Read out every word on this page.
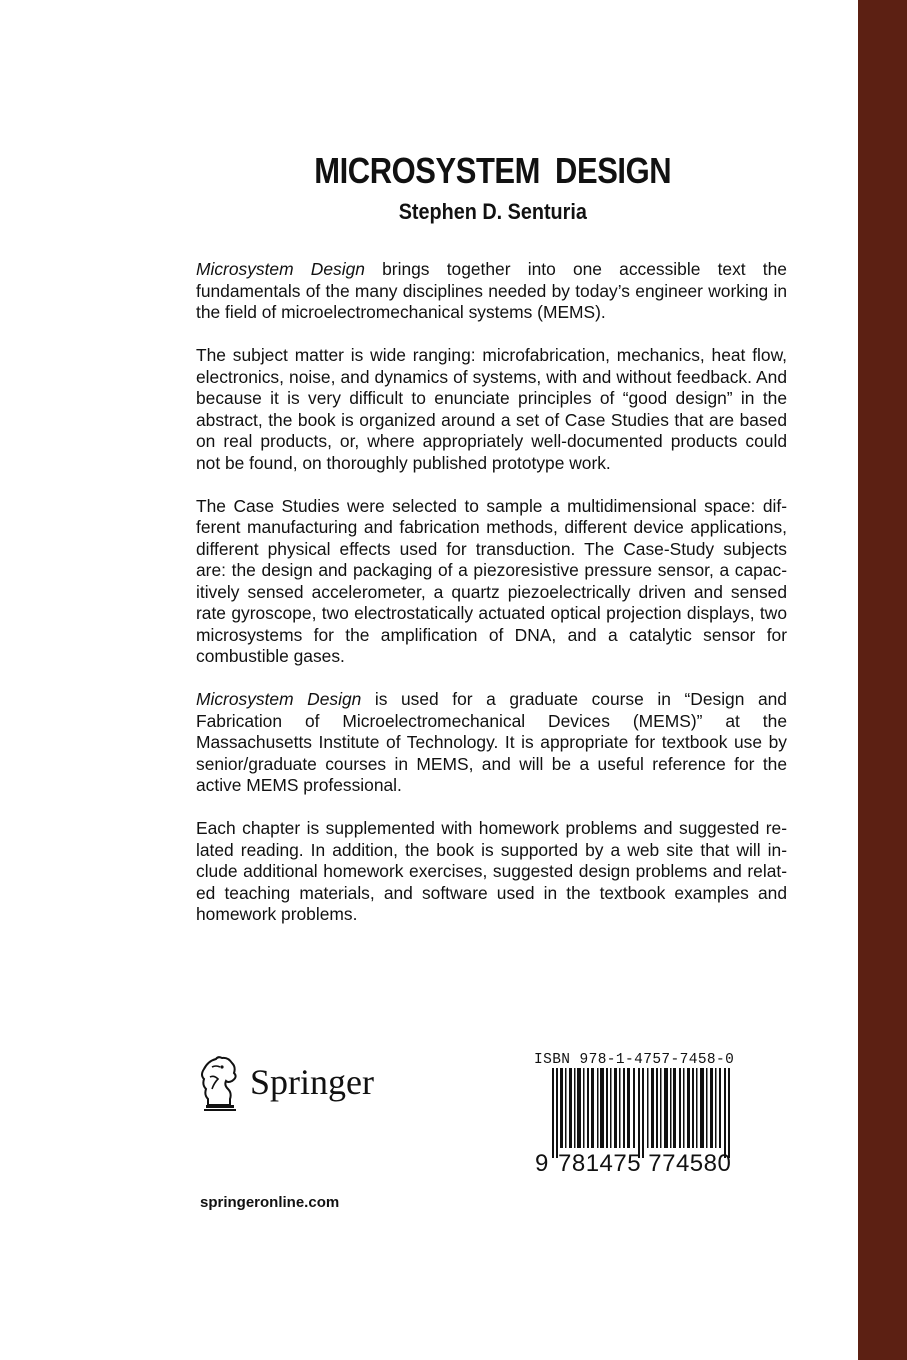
MICROSYSTEM DESIGN
Stephen D. Senturia

Microsystem Design brings together into one accessible text the fundamentals of the many disciplines needed by today’s engineer working in the field of microelectromechanical systems (MEMS).

The subject matter is wide ranging: microfabrication, mechanics, heat flow, electronics, noise, and dynamics of systems, with and without feedback. And because it is very difficult to enunciate principles of “good design” in the abstract, the book is organized around a set of Case Studies that are based on real products, or, where appropriately well-documented products could not be found, on thoroughly published prototype work.

The Case Studies were selected to sample a multidimensional space: different manufacturing and fabrication methods, different device applications, different physical effects used for transduction. The Case-Study subjects are: the design and packaging of a piezoresistive pressure sensor, a capacitively sensed accelerometer, a quartz piezoelectrically driven and sensed rate gyroscope, two electrostatically actuated optical projection displays, two microsystems for the amplification of DNA, and a catalytic sensor for combustible gases.

Microsystem Design is used for a graduate course in “Design and Fabrication of Microelectromechanical Devices (MEMS)” at the Massachusetts Institute of Technology. It is appropriate for textbook use by senior/graduate courses in MEMS, and will be a useful reference for the active MEMS professional.

Each chapter is supplemented with homework problems and suggested related reading. In addition, the book is supported by a web site that will include additional homework exercises, suggested design problems and related teaching materials, and software used in the textbook examples and homework problems.

Springer
ISBN 978-1-4757-7458-0
9 781475 774580
springeronline.com
